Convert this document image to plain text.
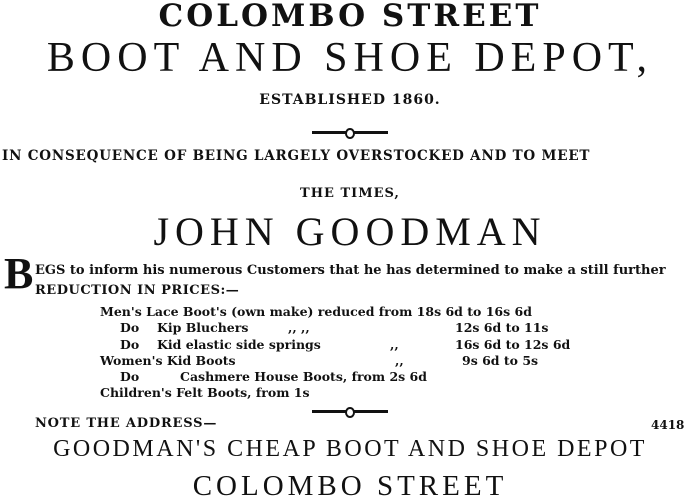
COLOMBO STREET
BOOT AND SHOE DEPOT,
ESTABLISHED 1860.
IN CONSEQUENCE OF BEING LARGELY OVERSTOCKED AND TO MEET
THE TIMES,
JOHN GOODMAN
B EGS to inform his numerous Customers that he has determined to make a still further
REDUCTION IN PRICES:—
Men's Lace Boot's (own make) reduced from 18s 6d to 16s 6d
Do Kip Bluchers	,, ,,	12s 6d to 11s
Do Kid elastic side springs	,,	16s 6d to 12s 6d
Women's Kid Boots	,,	9s 6d to 5s
Do	Cashmere House Boots, from 2s 6d
Children's Felt Boots, from 1s
NOTE THE ADDRESS—	4418
GOODMAN'S CHEAP BOOT AND SHOE DEPOT
COLOMBO STREET
